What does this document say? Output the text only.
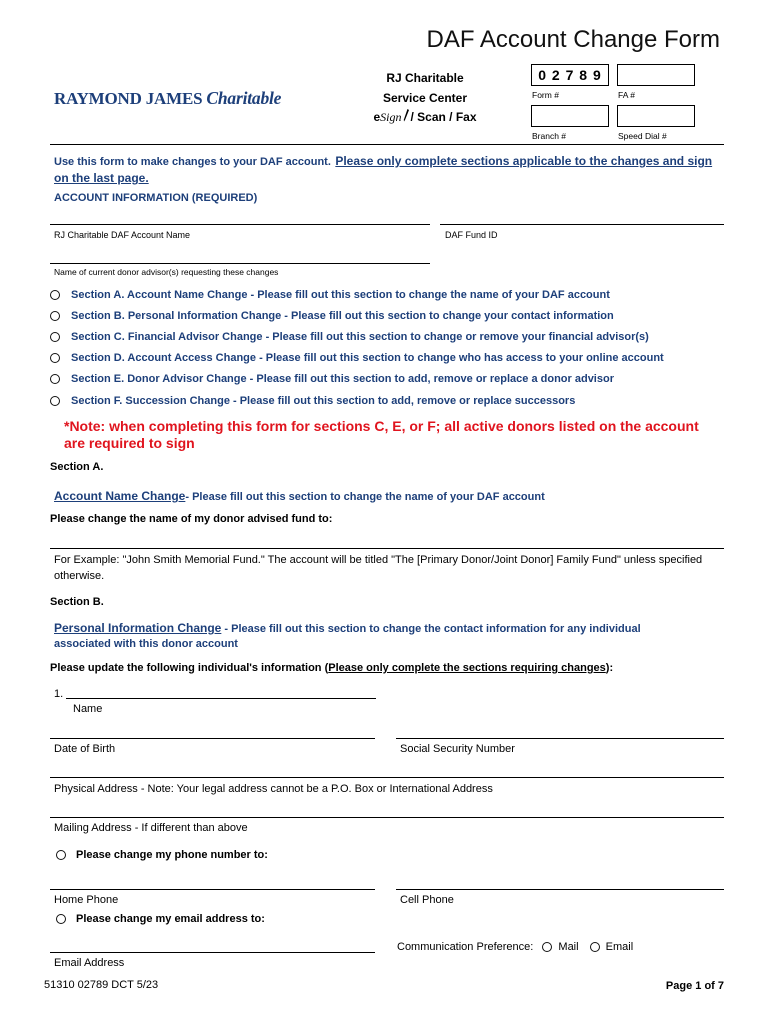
DAF Account Change Form
RAYMOND JAMES Charitable
RJ Charitable
Service Center
eSign / Scan / Fax
0 2 7 8 9
Form #	FA #
Branch #	Speed Dial #
Use this form to make changes to your DAF account. Please only complete sections applicable to the changes and sign on the last page.
ACCOUNT INFORMATION (REQUIRED)
RJ Charitable DAF Account Name	DAF Fund ID
Name of current donor advisor(s) requesting these changes
Section A. Account Name Change - Please fill out this section to change the name of your DAF account
Section B. Personal Information Change - Please fill out this section to change your contact information
Section C. Financial Advisor Change - Please fill out this section to change or remove your financial advisor(s)
Section D. Account Access Change - Please fill out this section to change who has access to your online account
Section E. Donor Advisor Change - Please fill out this section to add, remove or replace a donor advisor
Section F. Succession Change - Please fill out this section to add, remove or replace successors
*Note: when completing this form for sections C, E, or F; all active donors listed on the account are required to sign
Section A.
Account Name Change- Please fill out this section to change the name of your DAF account
Please change the name of my donor advised fund to:
For Example: "John Smith Memorial Fund." The account will be titled "The [Primary Donor/Joint Donor] Family Fund" unless specified otherwise.
Section B.
Personal Information Change - Please fill out this section to change the contact information for any individual associated with this donor account
Please update the following individual's information (Please only complete the sections requiring changes):
1.
Name
Date of Birth	Social Security Number
Physical Address - Note: Your legal address cannot be a P.O. Box or International Address
Mailing Address - If different than above
Please change my phone number to:
Home Phone	Cell Phone
Please change my email address to:
Communication Preference: Mail Email
Email Address
51310 02789 DCT 5/23	Page 1 of 7
